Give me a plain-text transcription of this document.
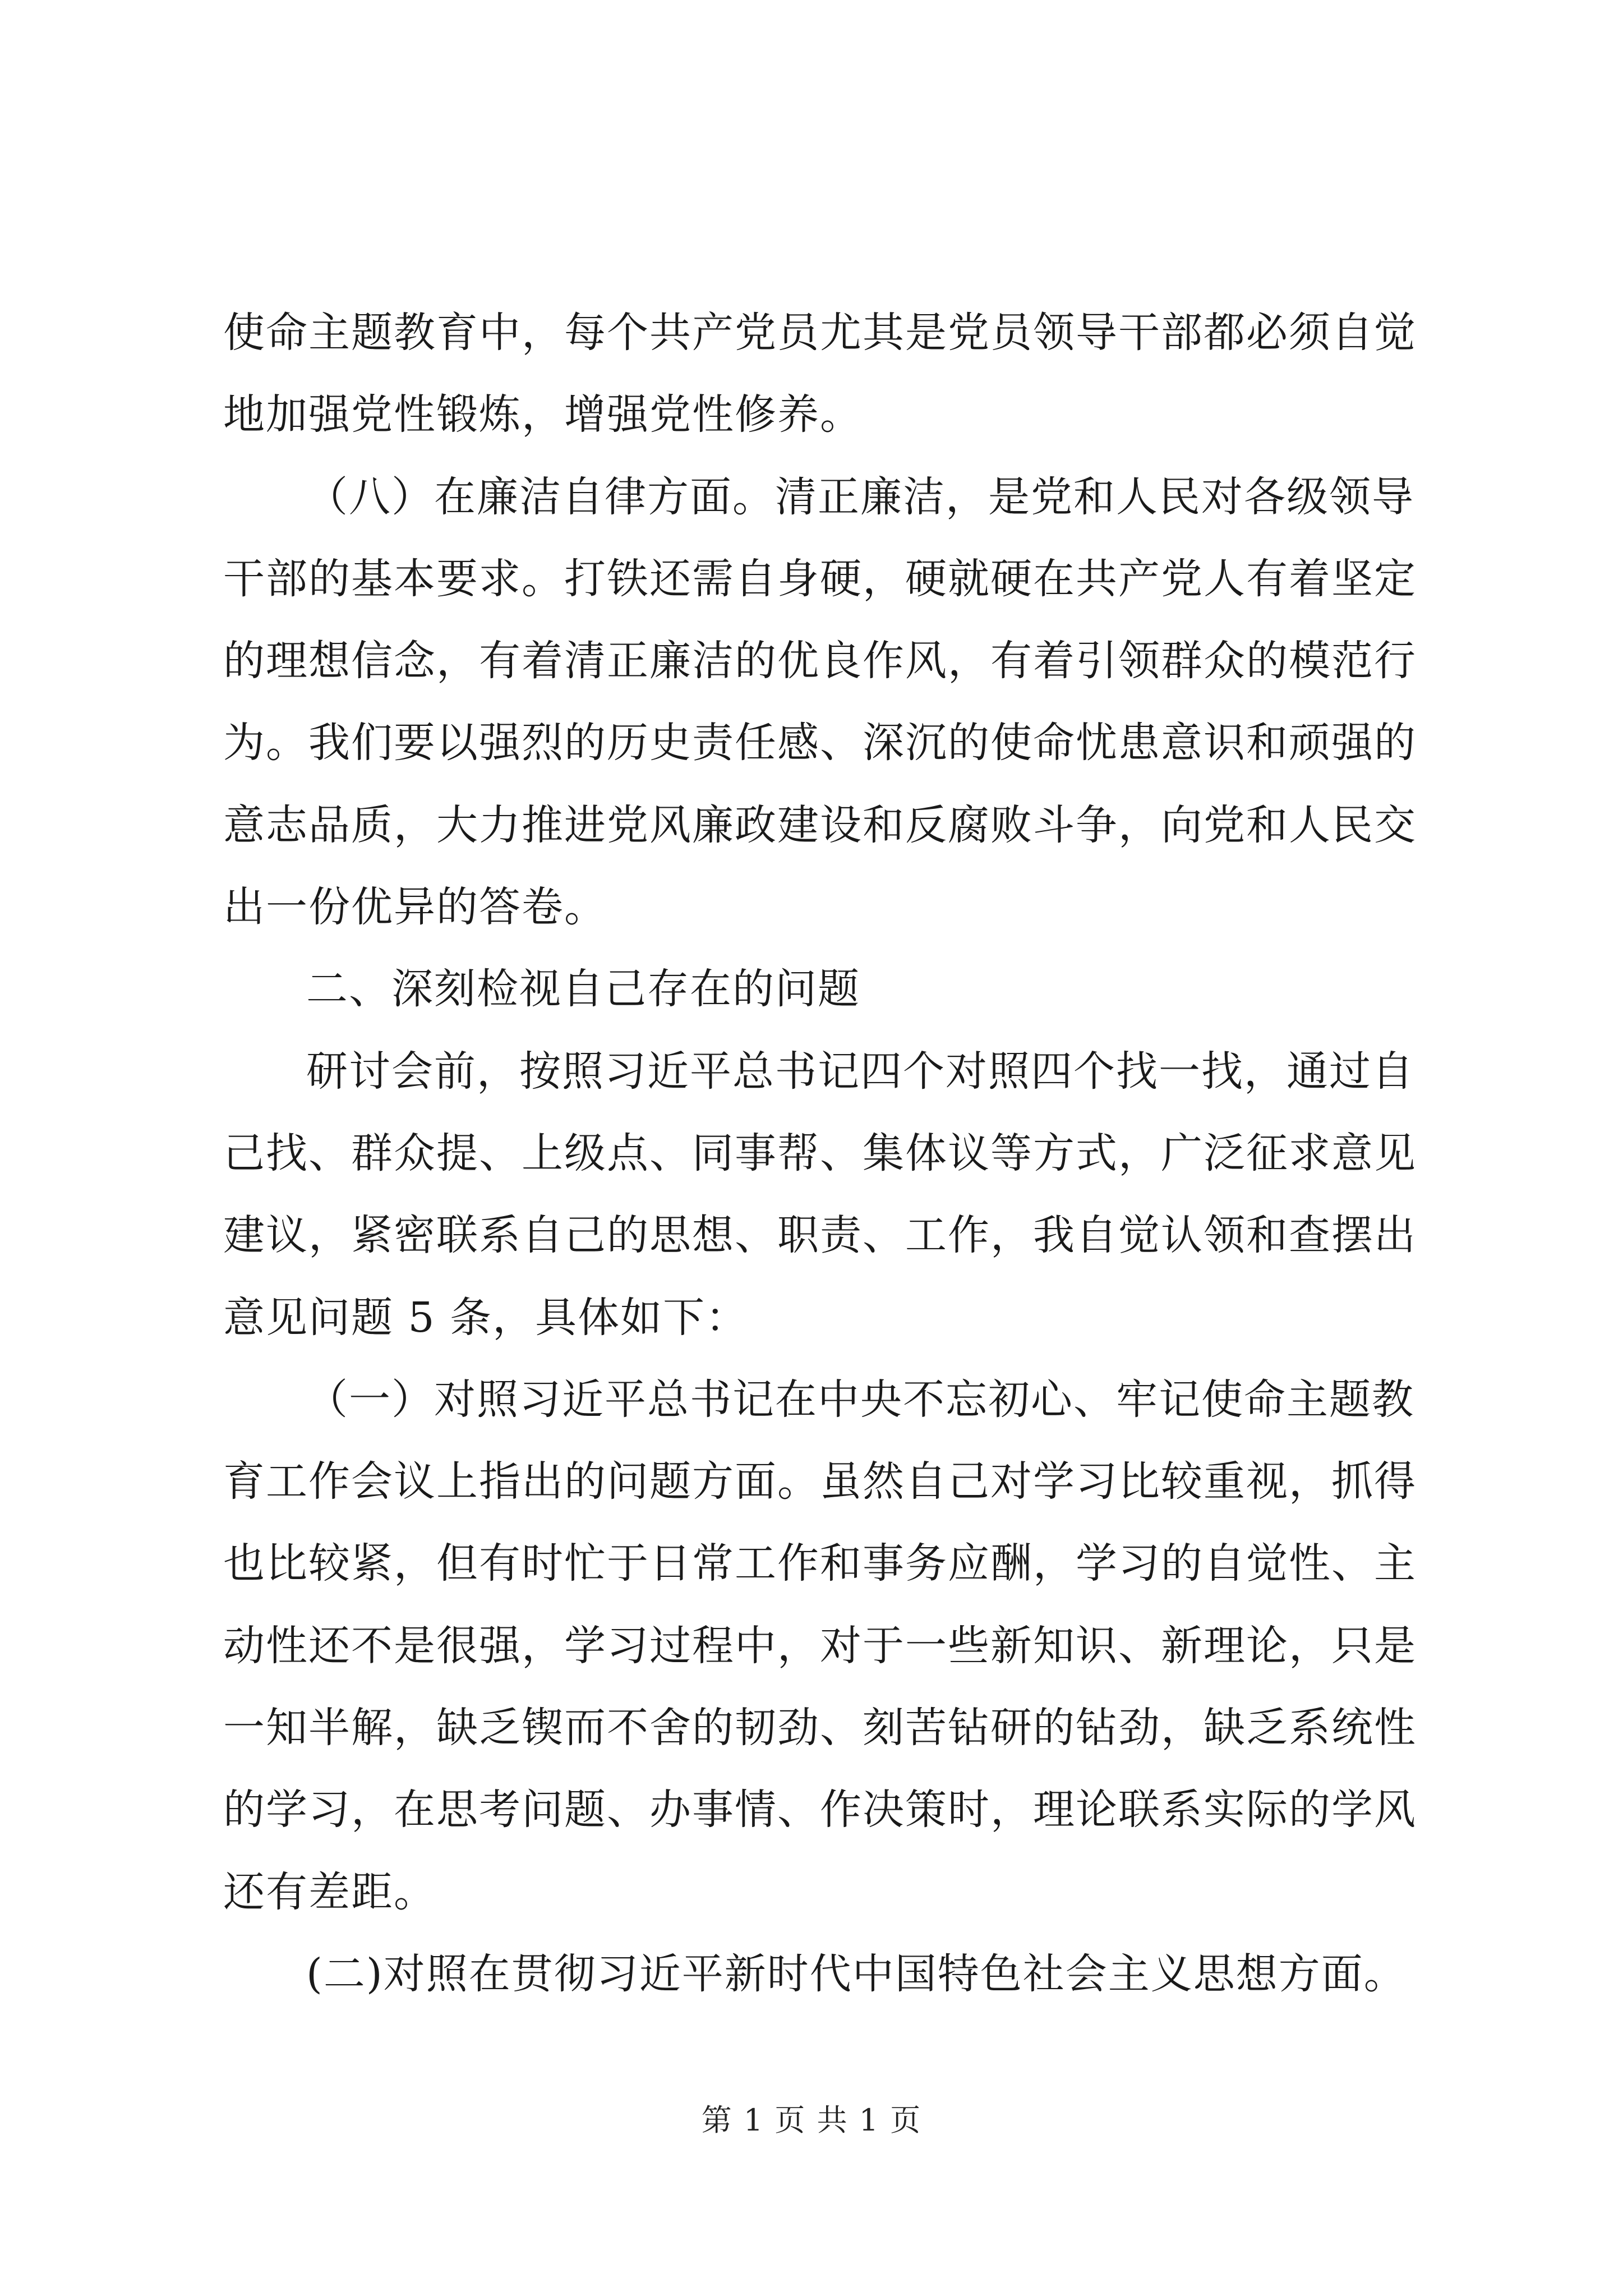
使命主题教育中，每个共产党员尤其是党员领导干部都必须自觉
地加强党性锻炼，增强党性修养。
（八）在廉洁自律方面。清正廉洁，是党和人民对各级领导
干部的基本要求。打铁还需自身硬，硬就硬在共产党人有着坚定
的理想信念，有着清正廉洁的优良作风，有着引领群众的模范行
为。我们要以强烈的历史责任感、深沉的使命忧患意识和顽强的
意志品质，大力推进党风廉政建设和反腐败斗争，向党和人民交
出一份优异的答卷。
二、深刻检视自己存在的问题
研讨会前，按照习近平总书记四个对照四个找一找，通过自
己找、群众提、上级点、同事帮、集体议等方式，广泛征求意见
建议，紧密联系自己的思想、职责、工作，我自觉认领和查摆出
意见问题 5 条，具体如下：
（一）对照习近平总书记在中央不忘初心、牢记使命主题教
育工作会议上指出的问题方面。虽然自己对学习比较重视，抓得
也比较紧，但有时忙于日常工作和事务应酬，学习的自觉性、主
动性还不是很强，学习过程中，对于一些新知识、新理论，只是
一知半解，缺乏锲而不舍的韧劲、刻苦钻研的钻劲，缺乏系统性
的学习，在思考问题、办事情、作决策时，理论联系实际的学风
还有差距。
(二)对照在贯彻习近平新时代中国特色社会主义思想方面。
第 1 页 共 1 页
